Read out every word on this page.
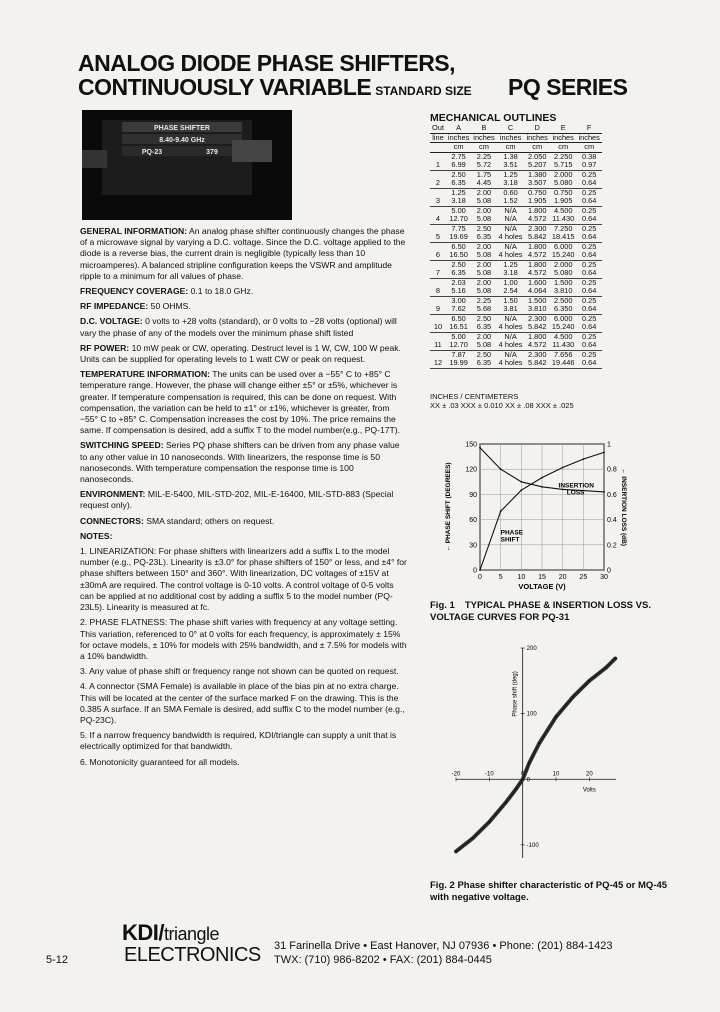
ANALOG DIODE PHASE SHIFTERS,
CONTINUOUSLY VARIABLE STANDARD SIZE PQ SERIES
PHASE SHIFTER
8.40-9.40 GHz
PQ-23	379

GENERAL INFORMATION: An analog phase shifter continuously changes the phase of a microwave signal by varying a D.C. voltage. Since the D.C. voltage applied to the diode is a reverse bias, the current drain is negligible (typically less than 10 microamperes). A balanced stripline configuration keeps the VSWR and amplitude ripple to a minimum for all values of phase.

FREQUENCY COVERAGE: 0.1 to 18.0 GHz.

RF IMPEDANCE: 50 OHMS.

D.C. VOLTAGE: 0 volts to +28 volts (standard), or 0 volts to −28 volts (optional) will vary the phase of any of the models over the minimum phase shift listed

RF POWER: 10 mW peak or CW, operating. Destruct level is 1 W, CW, 100 W peak. Units can be supplied for operating levels to 1 watt CW or peak on request.

TEMPERATURE INFORMATION: The units can be used over a −55° C to +85° C temperature range. However, the phase will change either ±5° or ±5%, whichever is greater. If temperature compensation is required, this can be done on request. With compensation, the variation can be held to ±1° or ±1%, whichever is greater, from −55° C to +85° C. Compensation increases the cost by 10%. The price remains the same. If compensation is desired, add a suffix T to the model number(e.g., PQ-17T).

SWITCHING SPEED: Series PQ phase shifters can be driven from any phase value to any other value in 10 nanoseconds. With linearizers, the response time is 50 nanoseconds. With temperature compensation the response time is 100 nanoseconds.

ENVIRONMENT: MIL-E-5400, MIL-STD-202, MIL-E-16400, MIL-STD-883 (Special request only).

CONNECTORS: SMA standard; others on request.

NOTES:

1. LINEARIZATION: For phase shifters with linearizers add a suffix L to the model number (e.g., PQ-23L). Linearity is ±3.0° for phase shifters of 150° or less, and ±4° for phase shifters between 150° and 360°. With linearization, DC voltages of ±15V at ±30mA are required. The control voltage is 0-10 volts. A control voltage of 0-5 volts can be applied at no additional cost by adding a suffix 5 to the model number (PQ-23L5). Linearity is measured at fc.

2. PHASE FLATNESS: The phase shift varies with frequency at any voltage setting. This variation, referenced to 0° at 0 volts for each frequency, is approximately ± 15% for octave models, ± 10% for models with 25% bandwidth, and ± 7.5% for models with a 10% bandwidth.

3. Any value of phase shift or frequency range not shown can be quoted on request.

4. A connector (SMA Female) is available in place of the bias pin at no extra charge. This will be located at the center of the surface marked F on the drawing. This is the 0.385 A surface. If an SMA Female is desired, add suffix C to the model number (e.g., PQ-23C).

5. If a narrow frequency bandwidth is required, KDI/triangle can supply a unit that is electrically optimized for that bandwidth.

6. Monotonicity guaranteed for all models.

MECHANICAL OUTLINES
Out	A	B	C	D	E	F
line	inches	inches	inches	inches	inches	inches
	cm	cm	cm	cm	cm	cm
	2.75	2.25	1.38	2.050	2.250	0.38
1	6.99	5.72	3.51	5.207	5.715	0.97
	2.50	1.75	1.25	1.380	2.000	0.25
2	6.35	4.45	3.18	3.507	5.080	0.64
	1.25	2.00	0.60	0.750	0.750	0.25
3	3.18	5.08	1.52	1.905	1.905	0.64
	5.00	2.00	N/A	1.800	4.500	0.25
4	12.70	5.08	N/A	4.572	11.430	0.64
	7.75	2.50	N/A	2.300	7.250	0.25
5	19.69	6.35	4 holes	5.842	18.415	0.64
	6.50	2.00	N/A	1.800	6.000	0.25
6	16.50	5.08	4 holes	4.572	15.240	0.64
	2.50	2.00	1.25	1.800	2.000	0.25
7	6.35	5.08	3.18	4.572	5.080	0.64
	2.03	2.00	1.00	1.600	1.500	0.25
8	5.16	5.08	2.54	4.064	3.810	0.64
	3.00	2.25	1.50	1.500	2.500	0.25
9	7.62	5.68	3.81	3.810	6.350	0.64
	6.50	2.50	N/A	2.300	6.000	0.25
10	16.51	6.35	4 holes	5.842	15.240	0.64
	5.00	2.00	N/A	1.800	4.500	0.25
11	12.70	5.08	4 holes	4.572	11.430	0.64
	7.87	2.50	N/A	2.300	7.656	0.25
12	19.99	6.35	4 holes	5.842	19.446	0.64
INCHES / CENTIMETERS
XX ± .03 XXX ± 0.010 XX ± .08 XXX ± .025
0 5 10 15 20 25 30
0
30
60
90
120
150
0
0.2
0.4
0.6
0.8
1
INSERTION
LOSS
PHASE
SHIFT
VOLTAGE (V)
← PHASE SHIFT (DEGREES)	← INSERTION LOSS (dB)
Fig. 1 TYPICAL PHASE & INSERTION LOSS VS. VOLTAGE CURVES FOR PQ-31
-20	-10	0	10	20
-100
0
100
200
Volts
Phase shift (deg)
Fig. 2 Phase shifter characteristic of PQ-45 or MQ-45 with negative voltage.
KDI/triangle
ELECTRONICS 31 Farinella Drive • East Hanover, NJ 07936 • Phone: (201) 884-1423
TWX: (710) 986-8202 • FAX: (201) 884-0445
5-12
